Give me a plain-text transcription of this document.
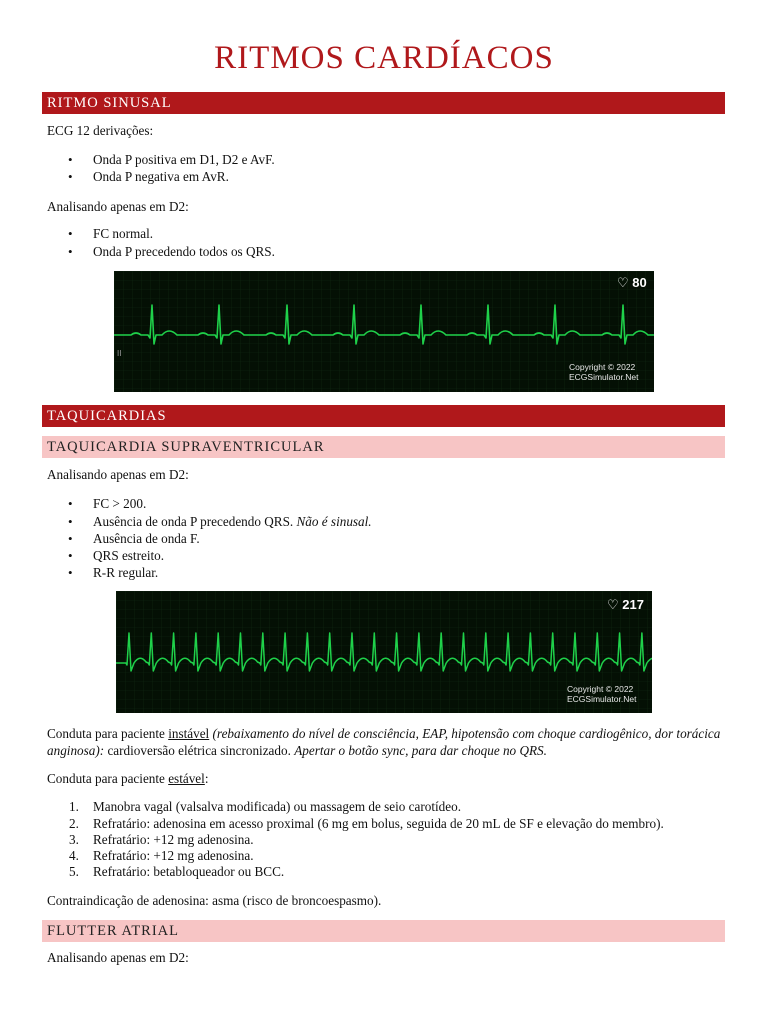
RITMOS CARDÍACOS
RITMO SINUSAL
ECG 12 derivações:
• Onda P positiva em D1, D2 e AvF.
• Onda P negativa em AvR.
Analisando apenas em D2:
• FC normal.
• Onda P precedendo todos os QRS.
♡ 80
II
Copyright © 2022
ECGSimulator.Net
TAQUICARDIAS
TAQUICARDIA SUPRAVENTRICULAR
Analisando apenas em D2:
• FC > 200.
• Ausência de onda P precedendo QRS. Não é sinusal.
• Ausência de onda F.
• QRS estreito.
• R-R regular.
♡ 217
Copyright © 2022
ECGSimulator.Net
Conduta para paciente instável (rebaixamento do nível de consciência, EAP, hipotensão com choque cardiogênico, dor torácica anginosa): cardioversão elétrica sincronizado. Apertar o botão sync, para dar choque no QRS.
Conduta para paciente estável:
1. Manobra vagal (valsalva modificada) ou massagem de seio carotídeo.
2. Refratário: adenosina em acesso proximal (6 mg em bolus, seguida de 20 mL de SF e elevação do membro).
3. Refratário: +12 mg adenosina.
4. Refratário: +12 mg adenosina.
5. Refratário: betabloqueador ou BCC.
Contraindicação de adenosina: asma (risco de broncoespasmo).
FLUTTER ATRIAL
Analisando apenas em D2:
